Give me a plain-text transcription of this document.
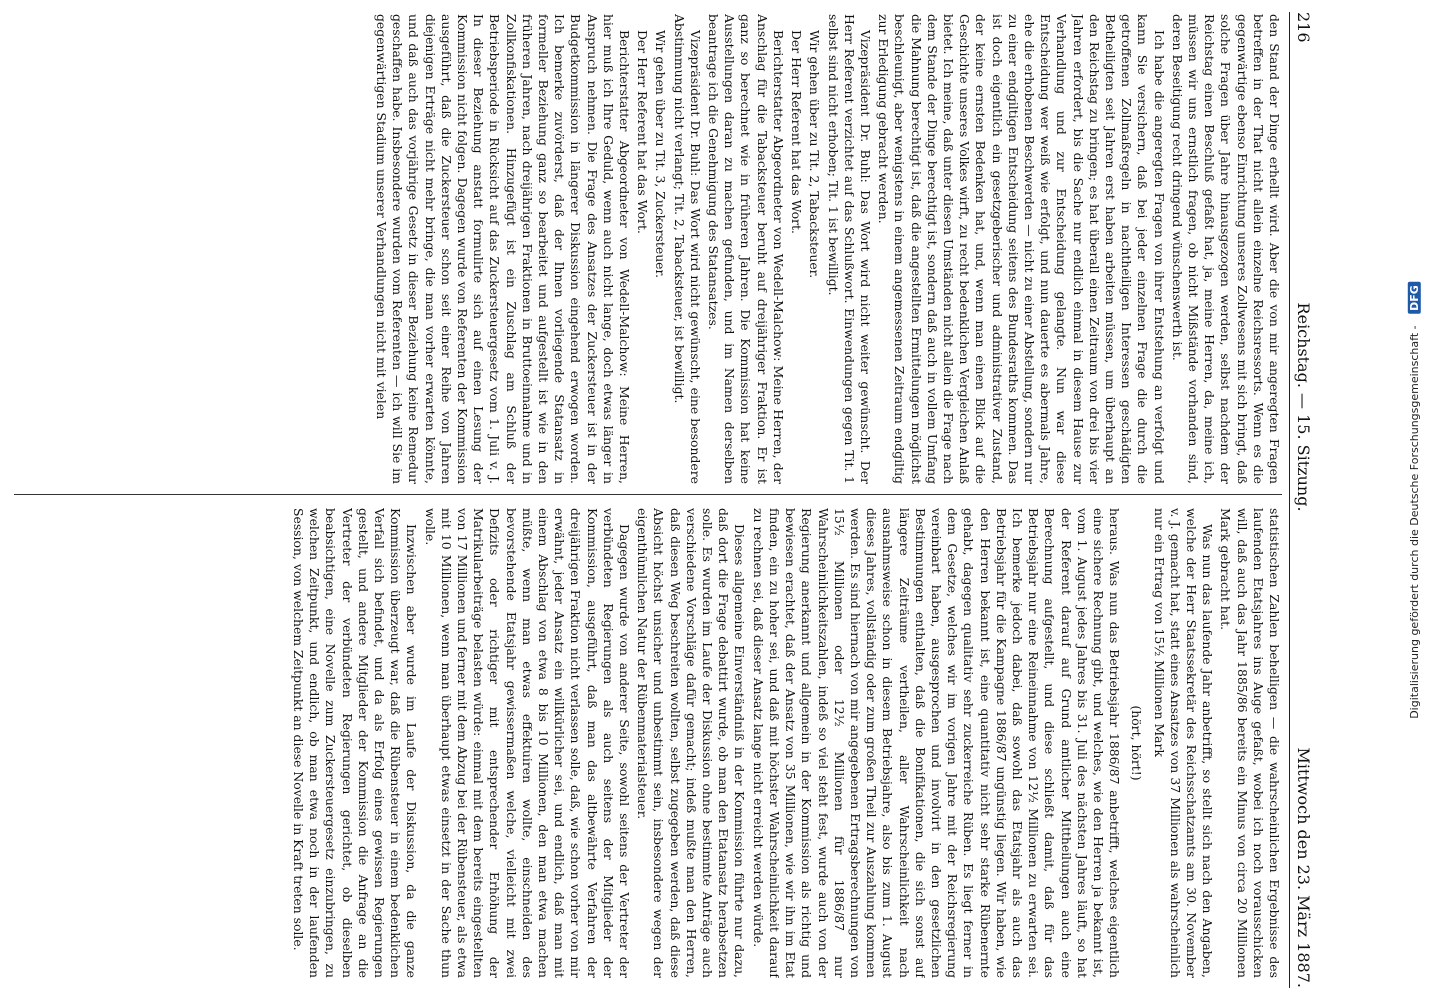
216
Reichstag. — 15. Sitzung.
Mittwoch den 23. März 1887.

den Stand der Dinge erhellt wird. Aber die von mir angeregten Fragen betreffen in der That nicht allein einzelne Reichsressorts. Wenn es die gegenwärtige ebenso Einrichtung unseres Zollwesens mit sich bringt, daß solche Fragen über Jahre hinausgezogen werden, selbst nachdem der Reichstag einen Beschluß gefaßt hat, ja, meine Herren, da, meine ich, müssen wir uns ernstlich fragen, ob nicht Mißstände vorhanden sind, deren Beseitigung recht dringend wünschenswerth ist.

Ich habe die angeregten Fragen von ihrer Entstehung an verfolgt und kann Sie versichern, daß bei jeder einzelnen Frage die durch die getroffenen Zollmaßregeln in nachtheiligen Interessen geschädigten Betheiligten seit Jahren erst haben arbeiten müssen, um überhaupt an den Reichstag zu bringen; es hat überall einen Zeitraum von drei bis vier Jahren erfordert, bis die Sache nur endlich einmal in diesem Hause zur Verhandlung und zur Entscheidung gelangte. Nun war diese Entscheidung wer weiß wie erfolgt, und nun dauerte es abermals Jahre, ehe die erhobenen Beschwerden — nicht zu einer Abstellung, sondern nur zu einer endgiltigen Entscheidung seitens des Bundesraths kommen. Das ist doch eigentlich ein gesetzgeberischer und administrativer Zustand, der keine ernsten Bedenken hat, und, wenn man einen Blick auf die Geschichte unseres Volkes wirft, zu recht bedenklichen Vergleichen Anlaß bietet. Ich meine, daß unter diesen Umständen nicht allein die Frage nach dem Stande der Dinge berechtigt ist, sondern daß auch in vollem Umfang die Mahnung berechtigt ist, daß die angestellten Ermittelungen möglichst beschleunigt, aber wenigstens in einem angemessenen Zeitraum endgiltig zur Erledigung gebracht werden.

Vizepräsident Dr. Buhl: Das Wort wird nicht weiter gewünscht. Der Herr Referent verzichtet auf das Schlußwort. Einwendungen gegen Tit. 1 selbst sind nicht erhoben; Tit. 1 ist bewilligt.

Wir gehen über zu Tit. 2, Tabacksteuer.

Der Herr Referent hat das Wort.

Berichterstatter Abgeordneter von Wedell-Malchow: Meine Herren, der Anschlag für die Tabacksteuer beruht auf dreijähriger Fraktion. Er ist ganz so berechnet wie in früheren Jahren. Die Kommission hat keine Ausstellungen daran zu machen gefunden, und im Namen derselben beantrage ich die Genehmigung des Statansatzes.

Vizepräsident Dr. Buhl: Das Wort wird nicht gewünscht, eine besondere Abstimmung nicht verlangt; Tit. 2, Tabacksteuer, ist bewilligt.

Wir gehen über zu Tit. 3, Zuckersteuer.

Der Herr Referent hat das Wort.

Berichterstatter Abgeordneter von Wedell-Malchow: Meine Herren, hier muß ich Ihre Geduld, wenn auch nicht lange, doch etwas länger in Anspruch nehmen. Die Frage des Ansatzes der Zuckersteuer ist in der Budgetkommission in längerer Diskussion eingehend erwogen worden. Ich bemerke zuvörderst, daß der Ihnen vorliegende Statansatz in formeller Beziehung ganz so bearbeitet und aufgestellt ist wie in den früheren Jahren, nach dreijährigen Fraktionen in Bruttoeinnahme und in Zollkonfiskationen. Hinzugefügt ist ein Zuschlag am Schluß der Betriebsperiode in Rücksicht auf das Zuckersteuergesetz vom 1. Juli v. J. In dieser Beziehung anstatt formulirte sich auf einen Lesung der Kommission nicht folgen. Dagegen wurde von Referenten der Kommission ausgeführt, daß die Zuckersteuer schon seit einer Reihe von Jahren diejenigen Erträge nicht mehr bringe, die man vorher erwarten könnte, und daß auch das vorjährige Gesetz in dieser Beziehung keine Remedur geschaffen habe. Insbesondere wurden vom Referenten — ich will Sie im gegenwärtigen Stadium unserer Verhandlungen nicht mit vielen

statistischen Zahlen behelligen — die wahrscheinlichen Ergebnisse des laufenden Etatsjahres ins Auge gefaßt, wobei ich noch vorausschicken will, daß auch das Jahr 1885/86 bereits ein Minus von circa 20 Millionen Mark gebracht hat.

Was nun das laufende Jahr anbetrifft, so stellt sich nach den Angaben, welche der Herr Staatssekretär des Reichsschatzamts am 30. November v. J. gemacht hat, statt eines Ansatzes von 37 Millionen als wahrscheinlich nur ein Ertrag von 15½ Millionen Mark

(hört, hört!)

heraus. Was nun das Betriebsjahr 1886/87 anbetrifft, welches eigentlich eine sichere Rechnung gibt, und welches, wie den Herren ja bekannt ist, vom 1. August jedes Jahres bis 31. Juli des nächsten Jahres läuft, so hat der Referent darauf auf Grund amtlicher Mittheilungen auch eine Berechnung aufgestellt, und diese schließt damit, daß für das Betriebsjahr nur eine Reineinnahme von 12½ Millionen zu erwarten sei. Ich bemerke jedoch dabei, daß sowohl das Etatsjahr als auch das Betriebsjahr für die Kampagne 1886/87 ungünstig liegen. Wir haben, wie den Herren bekannt ist, eine quantitativ nicht sehr starke Rübenernte gehabt, dagegen qualitativ sehr zuckerreiche Rüben. Es liegt ferner in dem Gesetze, welches wir im vorigen Jahre mit der Reichsregierung vereinbart haben, ausgesprochen und involvirt in den gesetzlichen Bestimmungen enthalten, daß die Bonifikationen, die sich sonst auf längere Zeiträume vertheilen, aller Wahrscheinlichkeit nach ausnahmsweise schon in diesem Betriebsjahre, also bis zum 1. August dieses Jahres, vollständig oder zum großen Theil zur Auszahlung kommen werden. Es sind hiernach von mir angegebenen Ertragsberechnungen von 15½ Millionen oder 12½ Millionen für 1886/87 nur Wahrscheinlichkeitszahlen, indeß so viel steht fest, wurde auch von der Regierung anerkannt und allgemein in der Kommission als richtig und bewiesen erachtet, daß der Ansatz von 35 Millionen, wie wir ihn im Etat finden, ein zu hoher sei, und daß mit höchster Wahrscheinlichkeit darauf zu rechnen sei, daß dieser Ansatz lange nicht erreicht werden würde.

Dieses allgemeine Einverständniß in der Kommission führte nur dazu, daß dort die Frage debattirt wurde, ob man den Etatansatz herabsetzen solle. Es wurden im Laufe der Diskussion ohne bestimmte Anträge auch verschiedene Vorschläge dafür gemacht; indeß mußte man den Herren, daß diesen Weg beschreiten wollten, selbst zugegeben werden, daß diese Absicht höchst unsicher und unbestimmt sein, insbesondere wegen der eigenthümlichen Natur der Rübenmaterialsteuer.

Dagegen wurde von anderer Seite, sowohl seitens der Vertreter der verbündeten Regierungen als auch seitens der Mitglieder der Kommission, ausgeführt, daß man das altbewährte Verfahren der dreijährigen Fraktion nicht verlassen solle, daß, wie schon vorher von mir erwähnt, jeder Ansatz ein willkürlicher sei, und endlich, daß man mit einem Abschlag von etwa 8 bis 10 Millionen, den man etwa machen müßte, wenn man etwas effektuiren wollte, einschneiden des bevorstehende Etatsjahr gewissermaßen welche, vielleicht mit zwei Defizits oder richtiger mit entsprechender Erhöhung der Matrikularbeiträge belasten würde: einmal mit dem bereits eingestellten von 17 Millionen und ferner mit dem Abzug bei der Rübensteuer, als etwa mit 10 Millionen, wenn man überhaupt etwas einsetzt in der Sache thun wolle.

Inzwischen aber wurde im Laufe der Diskussion, da die ganze Kommission überzeugt war, daß die Rübensteuer in einem bedenklichen Verfall sich befindet, und da als Erfolg eines gewissen Regierungen gestellt, und andere Mitglieder der Kommission die Anfrage an die Vertreter der verbündeten Regierungen gerichtet, ob dieselben beabsichtigen, eine Novelle zum Zuckersteuergesetz einzubringen, zu welchen Zeitpunkt, und endlich, ob man etwa noch in der laufenden Session, von welchem Zeitpunkt an diese Novelle in Kraft treten solle.	Digitalisierung gefördert durch die Deutsche Forschungsgemeinschaft - DFG
